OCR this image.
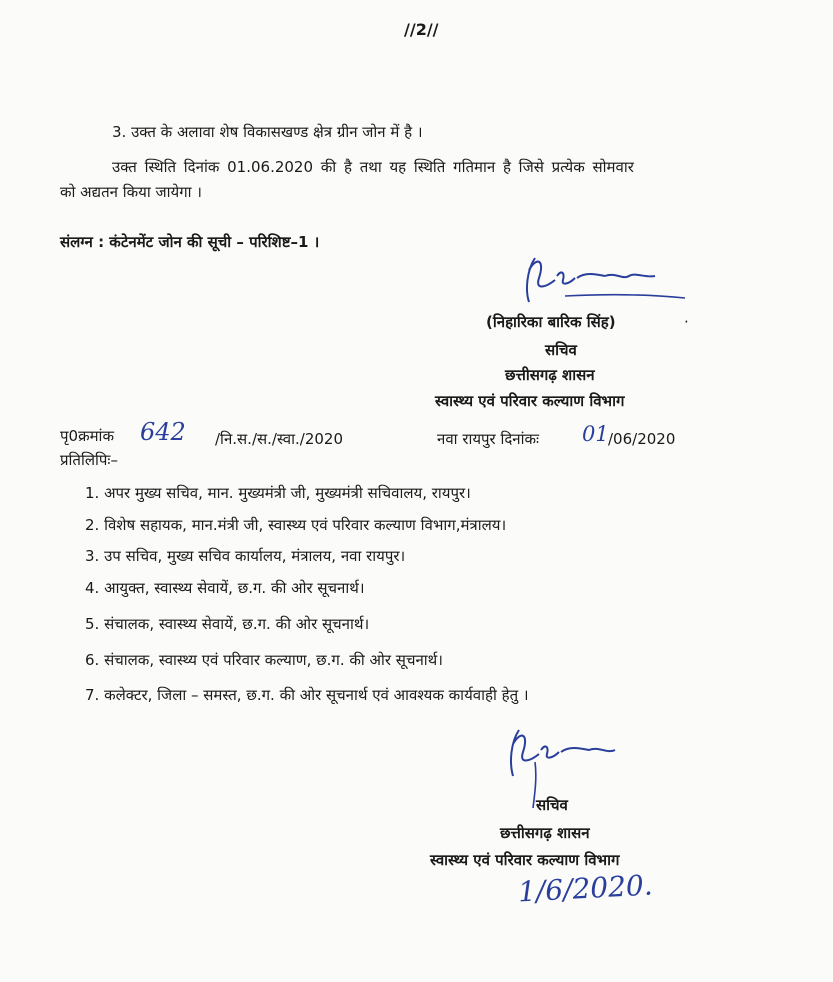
//2//
3. उक्त के अलावा शेष विकासखण्ड क्षेत्र ग्रीन जोन में है ।
उक्त स्थिति दिनांक 01.06.2020 की है तथा यह स्थिति गतिमान है जिसे प्रत्येक सोमवार
को अद्यतन किया जायेगा ।
संलग्न : कंटेनमेंट जोन की सूची – परिशिष्ट–1 ।
(निहारिका बारिक सिंह)	·
सचिव
छत्तीसगढ़ शासन
स्वास्थ्य एवं परिवार कल्याण विभाग
पृ0क्रमांक 642 /नि.स./स./स्वा./2020	नवा रायपुर दिनांकः 01 /06/2020
प्रतिलिपिः–
1. अपर मुख्य सचिव, मान. मुख्यमंत्री जी, मुख्यमंत्री सचिवालय, रायपुर।
2. विशेष सहायक, मान.मंत्री जी, स्वास्थ्य एवं परिवार कल्याण विभाग,मंत्रालय।
3. उप सचिव, मुख्य सचिव कार्यालय, मंत्रालय, नवा रायपुर।
4. आयुक्त, स्वास्थ्य सेवायें, छ.ग. की ओर सूचनार्थ।
5. संचालक, स्वास्थ्य सेवायें, छ.ग. की ओर सूचनार्थ।
6. संचालक, स्वास्थ्य एवं परिवार कल्याण, छ.ग. की ओर सूचनार्थ।
7. कलेक्टर, जिला – समस्त, छ.ग. की ओर सूचनार्थ एवं आवश्यक कार्यवाही हेतु ।
सचिव
छत्तीसगढ़ शासन
स्वास्थ्य एवं परिवार कल्याण विभाग
1/6/2020.
